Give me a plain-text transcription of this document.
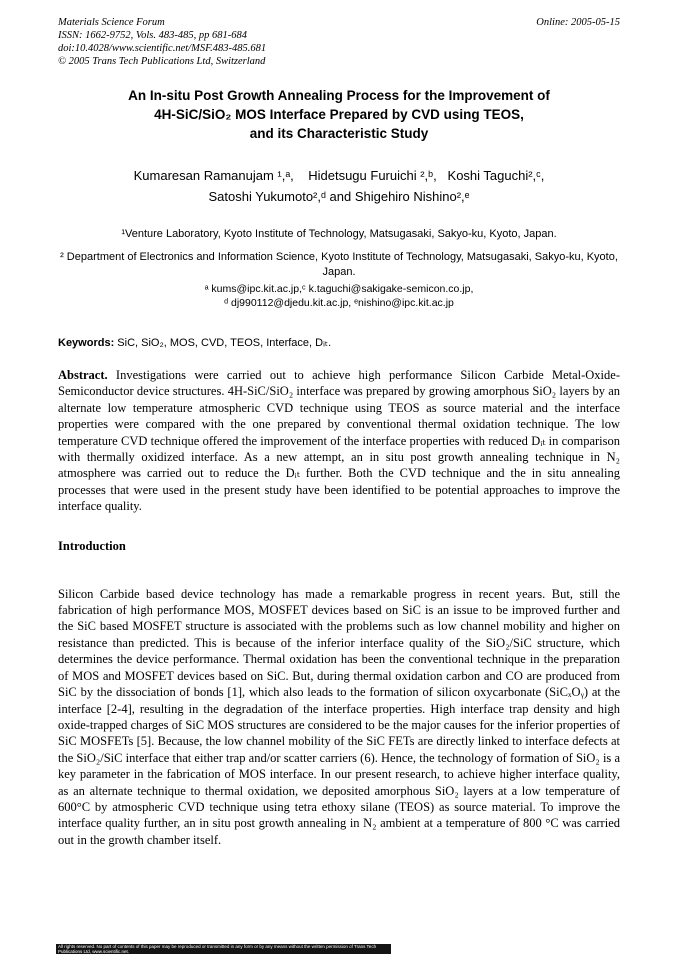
Materials Science Forum
ISSN: 1662-9752, Vols. 483-485, pp 681-684
doi:10.4028/www.scientific.net/MSF.483-485.681
© 2005 Trans Tech Publications Ltd, Switzerland
Online: 2005-05-15
An In-situ Post Growth Annealing Process for the Improvement of
4H-SiC/SiO₂ MOS Interface Prepared by CVD using TEOS,
and its Characteristic Study
Kumaresan Ramanujam ¹,ᵃ,    Hidetsugu Furuichi ²,ᵇ,   Koshi Taguchi²,ᶜ,
Satoshi Yukumoto²,ᵈ and Shigehiro Nishino²,ᵉ
¹Venture Laboratory, Kyoto Institute of Technology, Matsugasaki, Sakyo-ku, Kyoto, Japan.
² Department of Electronics and Information Science, Kyoto Institute of Technology, Matsugasaki, Sakyo-ku, Kyoto, Japan.
ᵃ kums@ipc.kit.ac.jp,ᶜ k.taguchi@sakigake-semicon.co.jp,
ᵈ dj990112@djedu.kit.ac.jp, ᵉnishino@ipc.kit.ac.jp
Keywords: SiC, SiO₂, MOS, CVD, TEOS, Interface, Dᵢₜ.
Abstract. Investigations were carried out to achieve high performance Silicon Carbide Metal-Oxide-Semiconductor device structures. 4H-SiC/SiO₂ interface was prepared by growing amorphous SiO₂ layers by an alternate low temperature atmospheric CVD technique using TEOS as source material and the interface properties were compared with the one prepared by conventional thermal oxidation technique. The low temperature CVD technique offered the improvement of the interface properties with reduced Dᵢₜ in comparison with thermally oxidized interface. As a new attempt, an in situ post growth annealing technique in N₂ atmosphere was carried out to reduce the Dᵢₜ further. Both the CVD technique and the in situ annealing processes that were used in the present study have been identified to be potential approaches to improve the interface quality.
Introduction
Silicon Carbide based device technology has made a remarkable progress in recent years. But, still the fabrication of high performance MOS, MOSFET devices based on SiC is an issue to be improved further and the SiC based MOSFET structure is associated with the problems such as low channel mobility and higher on resistance than predicted. This is because of the inferior interface quality of the SiO₂/SiC structure, which determines the device performance. Thermal oxidation has been the conventional technique in the preparation of MOS and MOSFET devices based on SiC. But, during thermal oxidation carbon and CO are produced from SiC by the dissociation of bonds [1], which also leads to the formation of silicon oxycarbonate (SiCₓOᵧ) at the interface [2-4], resulting in the degradation of the interface properties. High interface trap density and high oxide-trapped charges of SiC MOS structures are considered to be the major causes for the inferior properties of SiC MOSFETs [5]. Because, the low channel mobility of the SiC FETs are directly linked to interface defects at the SiO₂/SiC interface that either trap and/or scatter carriers (6). Hence, the technology of formation of SiO₂ is a key parameter in the fabrication of MOS interface. In our present research, to achieve higher interface quality, as an alternate technique to thermal oxidation, we deposited amorphous SiO₂ layers at a low temperature of 600°C by atmospheric CVD technique using tetra ethoxy silane (TEOS) as source material. To improve the interface quality further, an in situ post growth annealing in N₂ ambient at a temperature of 800 °C was carried out in the growth chamber itself.
All rights reserved. No part of contents of this paper may be reproduced or transmitted in any form or by any means without the written permission of Trans Tech Publications Ltd, www.scientific.net.
